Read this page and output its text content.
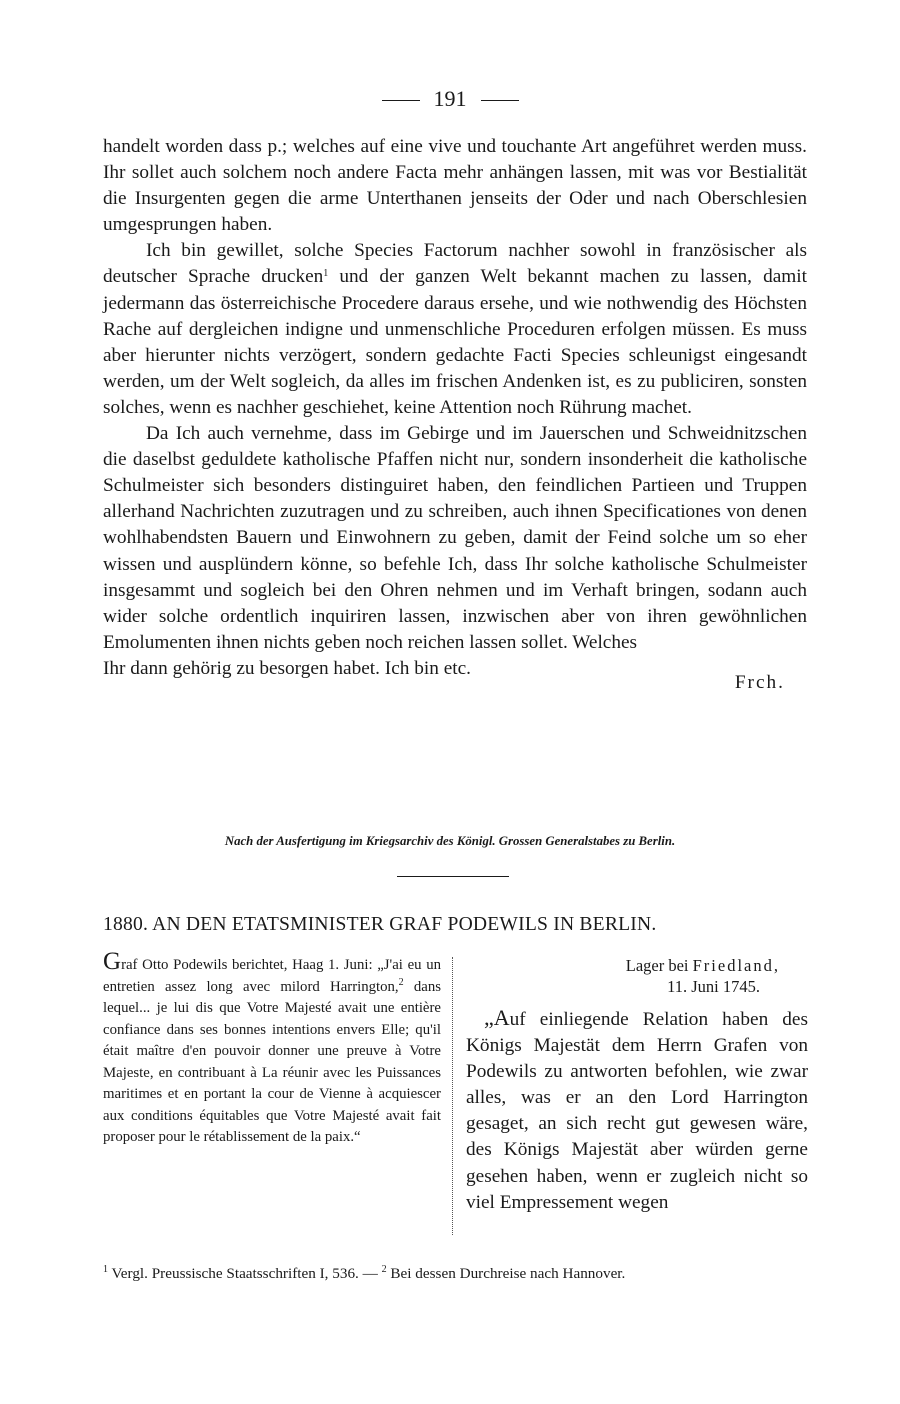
191

handelt worden dass p.; welches auf eine vive und touchante Art angeführet werden muss. Ihr sollet auch solchem noch andere Facta mehr anhängen lassen, mit was vor Bestialität die Insurgenten gegen die arme Unterthanen jenseits der Oder und nach Oberschlesien umgesprungen haben.

Ich bin gewillet, solche Species Factorum nachher sowohl in französischer als deutscher Sprache drucken$^1$ und der ganzen Welt bekannt machen zu lassen, damit jedermann das österreichische Procedere daraus ersehe, und wie nothwendig des Höchsten Rache auf dergleichen indigne und unmenschliche Proceduren erfolgen müssen. Es muss aber hierunter nichts verzögert, sondern gedachte Facti Species schleunigst eingesandt werden, um der Welt sogleich, da alles im frischen Andenken ist, es zu publiciren, sonsten solches, wenn es nachher geschiehet, keine Attention noch Rührung machet.

Da Ich auch vernehme, dass im Gebirge und im Jauerschen und Schweidnitzschen die daselbst geduldete katholische Pfaffen nicht nur, sondern insonderheit die katholische Schulmeister sich besonders distinguiret haben, den feindlichen Partieen und Truppen allerhand Nachrichten zuzutragen und zu schreiben, auch ihnen Specificationes von denen wohlhabendsten Bauern und Einwohnern zu geben, damit der Feind solche um so eher wissen und ausplündern könne, so befehle Ich, dass Ihr solche katholische Schulmeister insgesammt und sogleich bei den Ohren nehmen und im Verhaft bringen, sodann auch wider solche ordentlich inquiriren lassen, inzwischen aber von ihren gewöhnlichen Emolumenten ihnen nichts geben noch reichen lassen sollet. Welches

Ihr dann gehörig zu besorgen habet. Ich bin etc.
Frch.
Nach der Ausfertigung im Kriegsarchiv des Königl. Grossen Generalstabes zu Berlin.
1880. AN DEN ETATSMINISTER GRAF PODEWILS IN BERLIN.
Graf Otto Podewils berichtet, Haag 1. Juni: „J'ai eu un entretien assez long avec milord Harrington,$^2$ dans lequel... je lui dis que Votre Majesté avait une entière confiance dans ses bonnes intentions envers Elle; qu'il était maître d'en pouvoir donner une preuve à Votre Majeste, en contribuant à La réunir avec les Puissances maritimes et en portant la cour de Vienne à acquiescer aux conditions équitables que Votre Majesté avait fait proposer pour le rétablissement de la paix.“
Lager bei Friedland,
11. Juni 1745.
„Auf einliegende Relation haben des Königs Majestät dem Herrn Grafen von Podewils zu antworten befohlen, wie zwar alles, was er an den Lord Harrington gesaget, an sich recht gut gewesen wäre, des Königs Majestät aber würden gerne gesehen haben, wenn er zugleich nicht so viel Empressement wegen
$^1$ Vergl. Preussische Staatsschriften I, 536. — $^2$ Bei dessen Durchreise nach Hannover.
